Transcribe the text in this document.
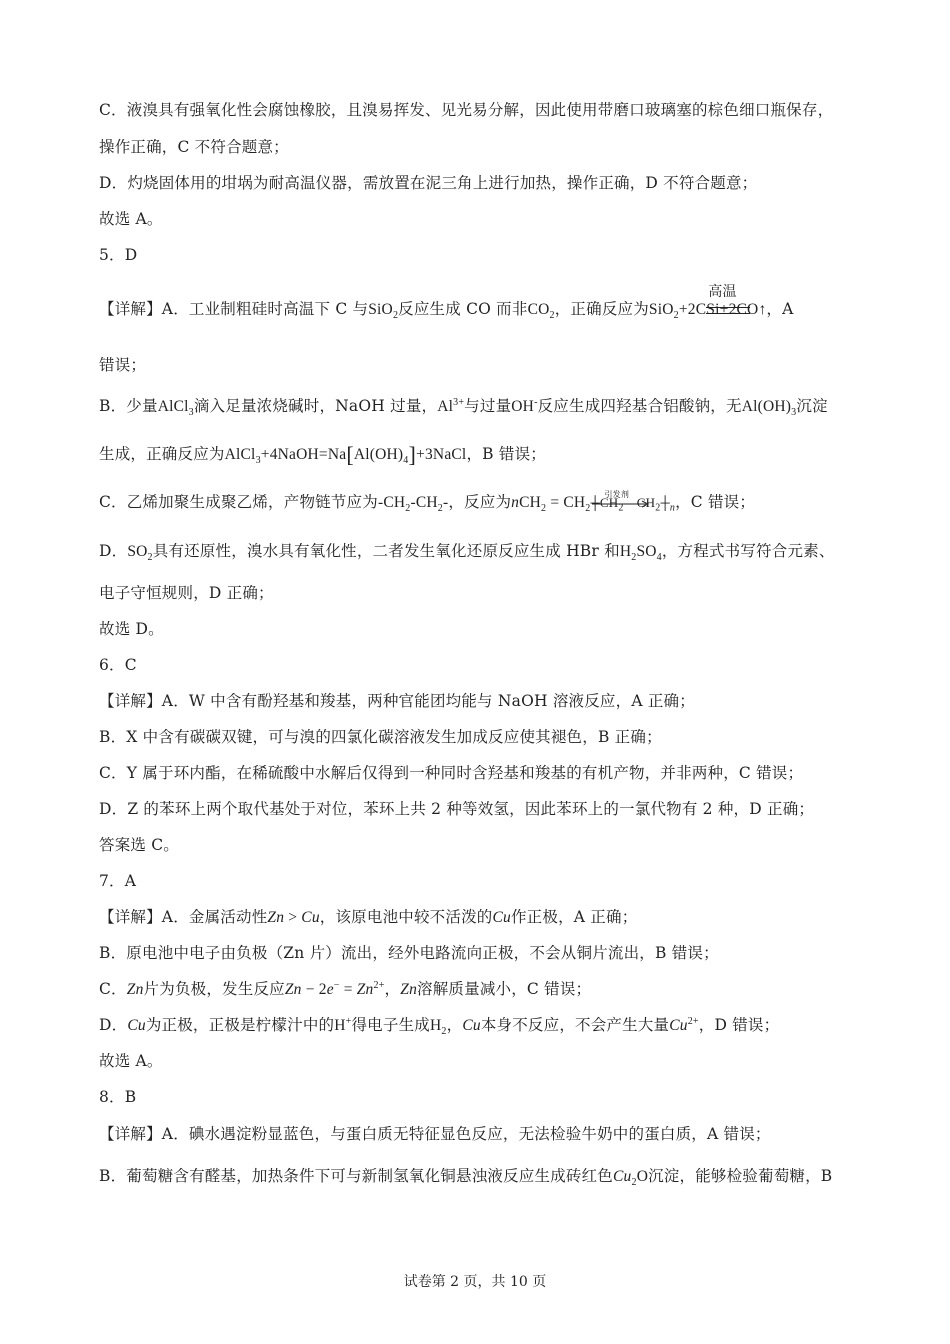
C．液溴具有强氧化性会腐蚀橡胶，且溴易挥发、见光易分解，因此使用带磨口玻璃塞的棕色细口瓶保存，
操作正确，C 不符合题意；
D．灼烧固体用的坩埚为耐高温仪器，需放置在泥三角上进行加热，操作正确，D 不符合题意；
故选 A。
5．D
【详解】A．工业制粗硅时高温下 C 与SiO$_2$反应生成 CO 而非$CO_2$，正确反应为SiO$_2$+2C
高温
Si+2CO↑，A
错误；
B．少量AlCl$_3$滴入足量浓烧碱时，NaOH 过量，$Al^{3+}$与过量OH-反应生成四羟基合铝酸钠，无$Al(OH)_3$沉淀
生成，正确反应为$AlCl_3+4NaOH=Na[Al(OH)_4]+3NaCl$，B 错误；
C．乙烯加聚生成聚乙烯，产物链节应为$-CH_2-CH_2-$，反应为$nCH_2 = CH_2$
引发剂
$┼CH_2—CH_2┼_n$，C 错误；
D．$SO_2$具有还原性，溴水具有氧化性，二者发生氧化还原反应生成 HBr 和$H_2SO_4$，方程式书写符合元素、
电子守恒规则，D 正确；
故选 D。
6．C
【详解】A．W 中含有酚羟基和羧基，两种官能团均能与 NaOH 溶液反应，A 正确；
B．X 中含有碳碳双键，可与溴的四氯化碳溶液发生加成反应使其褪色，B 正确；
C．Y 属于环内酯，在稀硫酸中水解后仅得到一种同时含羟基和羧基的有机产物，并非两种，C 错误；
D．Z 的苯环上两个取代基处于对位，苯环上共 2 种等效氢，因此苯环上的一氯代物有 2 种，D 正确；
答案选 C。
7．A
【详解】A．金属活动性Zn > Cu，该原电池中较不活泼的Cu作正极，A 正确；
B．原电池中电子由负极（Zn 片）流出，经外电路流向正极，不会从铜片流出，B 错误；
C．Zn片为负极，发生反应$Zn - 2e^- = Zn^{2+}$，Zn溶解质量减小，C 错误；
D．Cu为正极，正极是柠檬汁中的H+得电子生成$H_2$，Cu本身不反应，不会产生大量$Cu^{2+}$，D 错误；
故选 A。
8．B
【详解】A．碘水遇淀粉显蓝色，与蛋白质无特征显色反应，无法检验牛奶中的蛋白质，A 错误；
B．葡萄糖含有醛基，加热条件下可与新制氢氧化铜悬浊液反应生成砖红色$Cu_2O$沉淀，能够检验葡萄糖，B
试卷第 2 页，共 10 页
